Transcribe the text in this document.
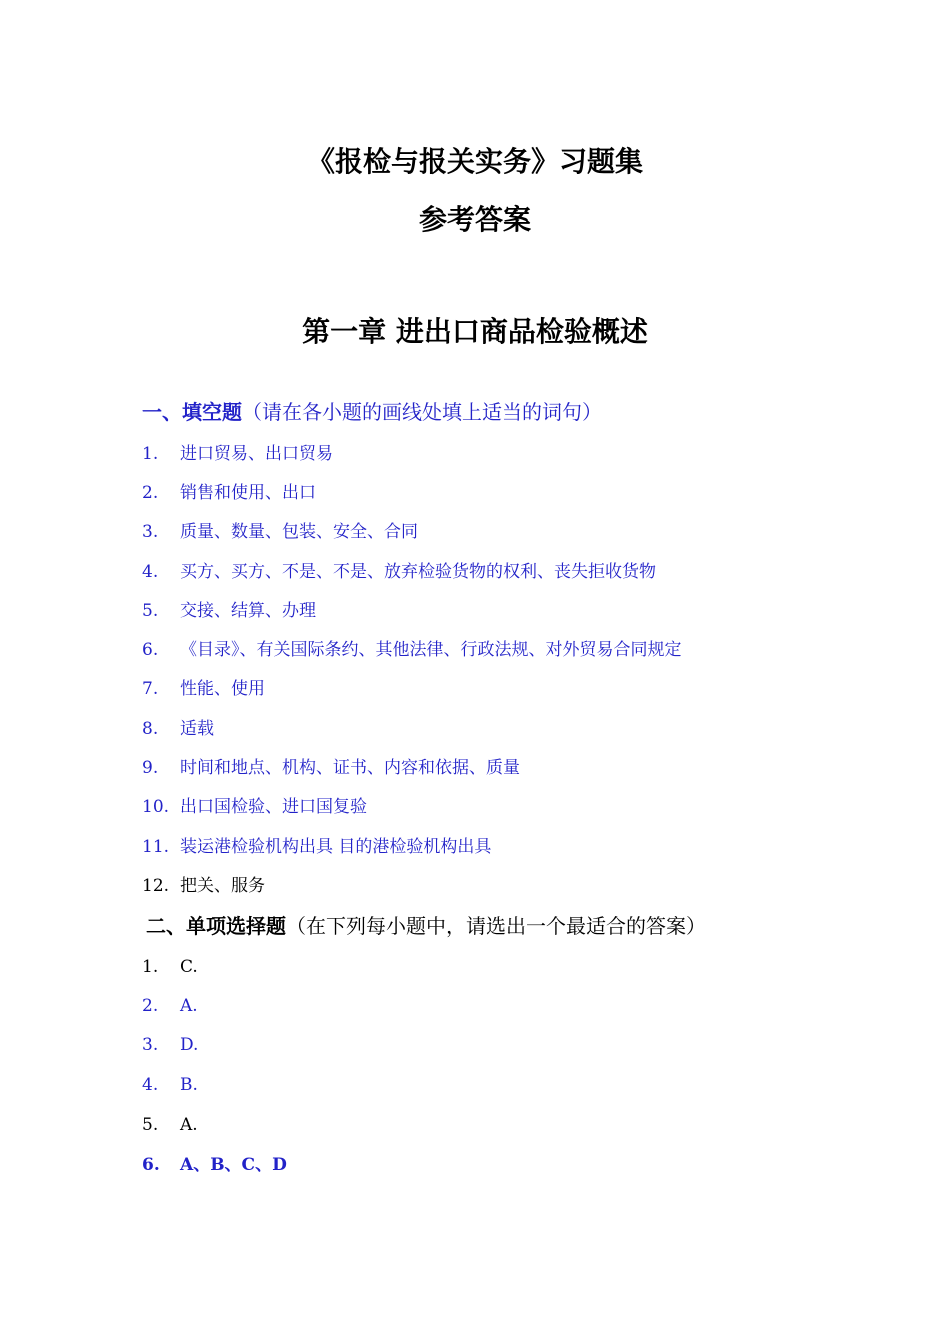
《报检与报关实务》习题集
参考答案
第一章 进出口商品检验概述
一、填空题（请在各小题的画线处填上适当的词句）
1. 进口贸易、出口贸易
2. 销售和使用、出口
3. 质量、数量、包装、安全、合同
4. 买方、买方、不是、不是、放弃检验货物的权利、丧失拒收货物
5. 交接、结算、办理
6. 《目录》、有关国际条约、其他法律、行政法规、对外贸易合同规定
7. 性能、使用
8. 适载
9. 时间和地点、机构、证书、内容和依据、质量
10. 出口国检验、进口国复验
11. 装运港检验机构出具 目的港检验机构出具
12. 把关、服务
二、单项选择题（在下列每小题中，请选出一个最适合的答案）
1. C.
2. A.
3. D.
4. B.
5. A.
6. A、B、C、D
